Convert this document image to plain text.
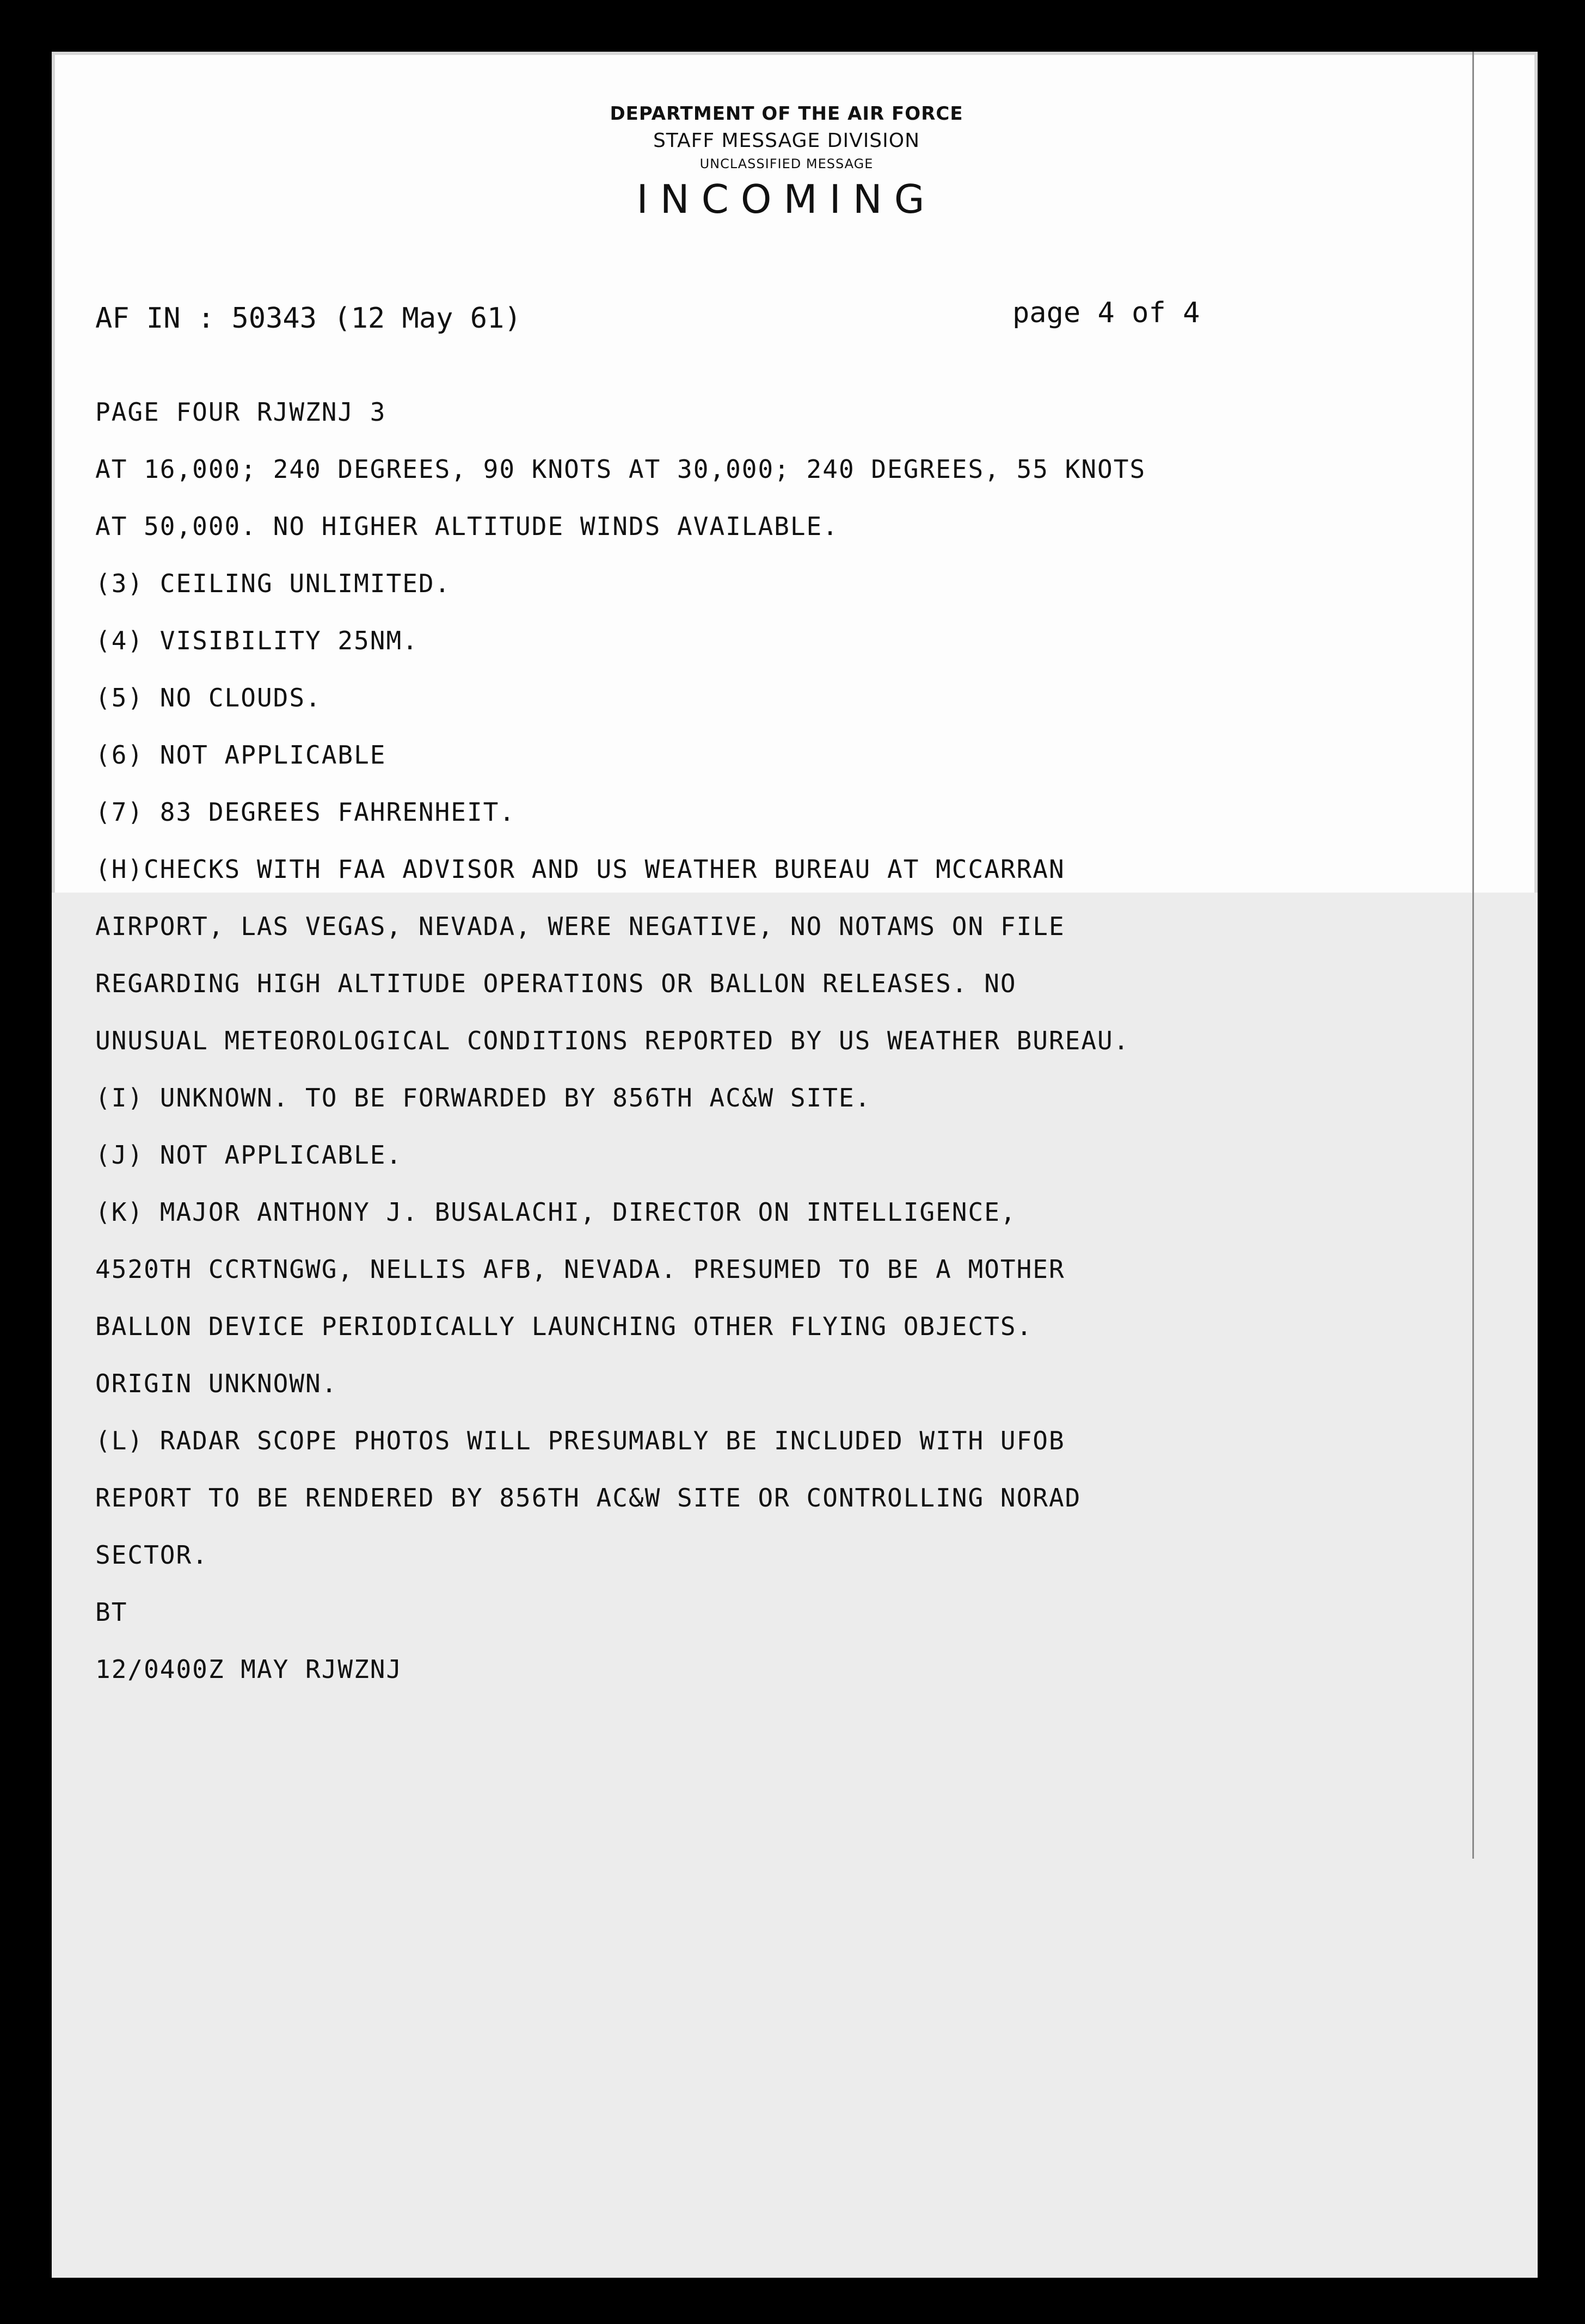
DEPARTMENT OF THE AIR FORCE
STAFF MESSAGE DIVISION
UNCLASSIFIED MESSAGE
INCOMING
AF IN : 50343 (12 May 61)	page 4 of 4
PAGE FOUR RJWZNJ 3
AT 16,000; 240 DEGREES, 90 KNOTS AT 30,000; 240 DEGREES, 55 KNOTS
AT 50,000. NO HIGHER ALTITUDE WINDS AVAILABLE.
(3) CEILING UNLIMITED.
(4) VISIBILITY 25NM.
(5) NO CLOUDS.
(6) NOT APPLICABLE
(7) 83 DEGREES FAHRENHEIT.
(H)CHECKS WITH FAA ADVISOR AND US WEATHER BUREAU AT MCCARRAN
AIRPORT, LAS VEGAS, NEVADA, WERE NEGATIVE, NO NOTAMS ON FILE
REGARDING HIGH ALTITUDE OPERATIONS OR BALLON RELEASES. NO
UNUSUAL METEOROLOGICAL CONDITIONS REPORTED BY US WEATHER BUREAU.
(I) UNKNOWN. TO BE FORWARDED BY 856TH AC&W SITE.
(J) NOT APPLICABLE.
(K) MAJOR ANTHONY J. BUSALACHI, DIRECTOR ON INTELLIGENCE,
4520TH CCRTNGWG, NELLIS AFB, NEVADA. PRESUMED TO BE A MOTHER
BALLON DEVICE PERIODICALLY LAUNCHING OTHER FLYING OBJECTS.
ORIGIN UNKNOWN.
(L) RADAR SCOPE PHOTOS WILL PRESUMABLY BE INCLUDED WITH UFOB
REPORT TO BE RENDERED BY 856TH AC&W SITE OR CONTROLLING NORAD
SECTOR.
BT
12/0400Z MAY RJWZNJ
